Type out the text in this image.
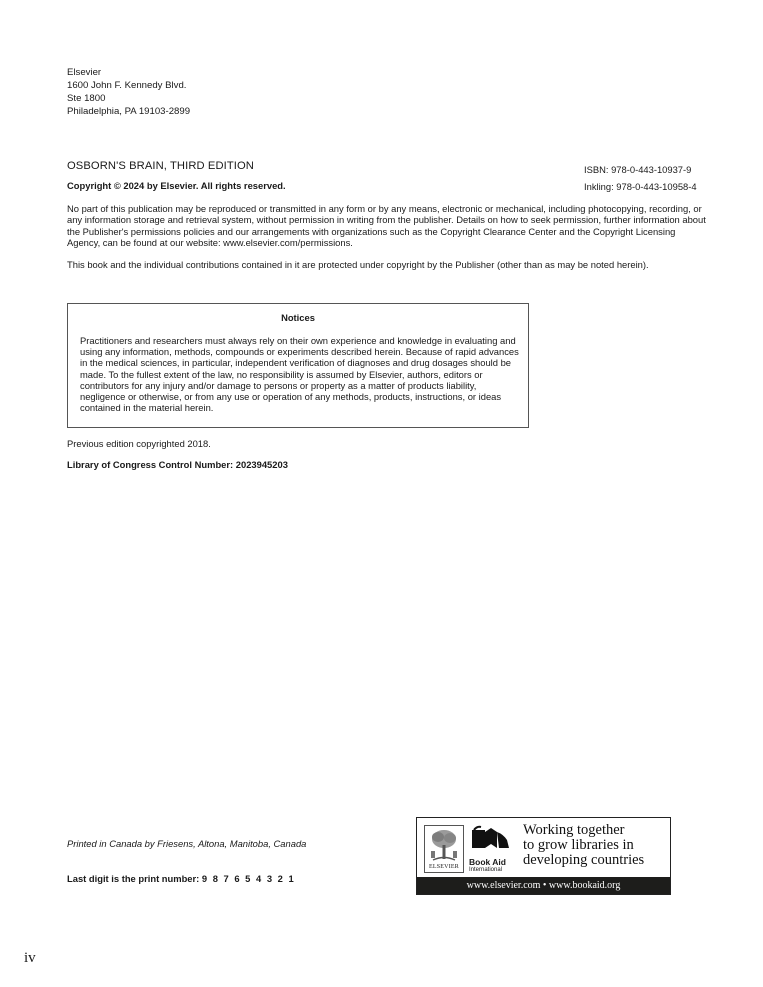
Elsevier
1600 John F. Kennedy Blvd.
Ste 1800
Philadelphia, PA 19103-2899
OSBORN'S BRAIN, THIRD EDITION
Copyright © 2024 by Elsevier. All rights reserved.
ISBN: 978-0-443-10937-9
Inkling: 978-0-443-10958-4
No part of this publication may be reproduced or transmitted in any form or by any means, electronic or mechanical, including photocopying, recording, or any information storage and retrieval system, without permission in writing from the publisher. Details on how to seek permission, further information about the Publisher's permissions policies and our arrangements with organizations such as the Copyright Clearance Center and the Copyright Licensing Agency, can be found at our website: www.elsevier.com/permissions.
This book and the individual contributions contained in it are protected under copyright by the Publisher (other than as may be noted herein).
Notices
Practitioners and researchers must always rely on their own experience and knowledge in evaluating and using any information, methods, compounds or experiments described herein. Because of rapid advances in the medical sciences, in particular, independent verification of diagnoses and drug dosages should be made. To the fullest extent of the law, no responsibility is assumed by Elsevier, authors, editors or contributors for any injury and/or damage to persons or property as a matter of products liability, negligence or otherwise, or from any use or operation of any methods, products, instructions, or ideas contained in the material herein.
Previous edition copyrighted 2018.
Library of Congress Control Number: 2023945203
Printed in Canada by Friesens, Altona, Manitoba, Canada
Last digit is the print number: 9 8 7 6 5 4 3 2 1
ELSEVIER	Book Aid
International
Working together
to grow libraries in
developing countries
www.elsevier.com • www.bookaid.org
iv
